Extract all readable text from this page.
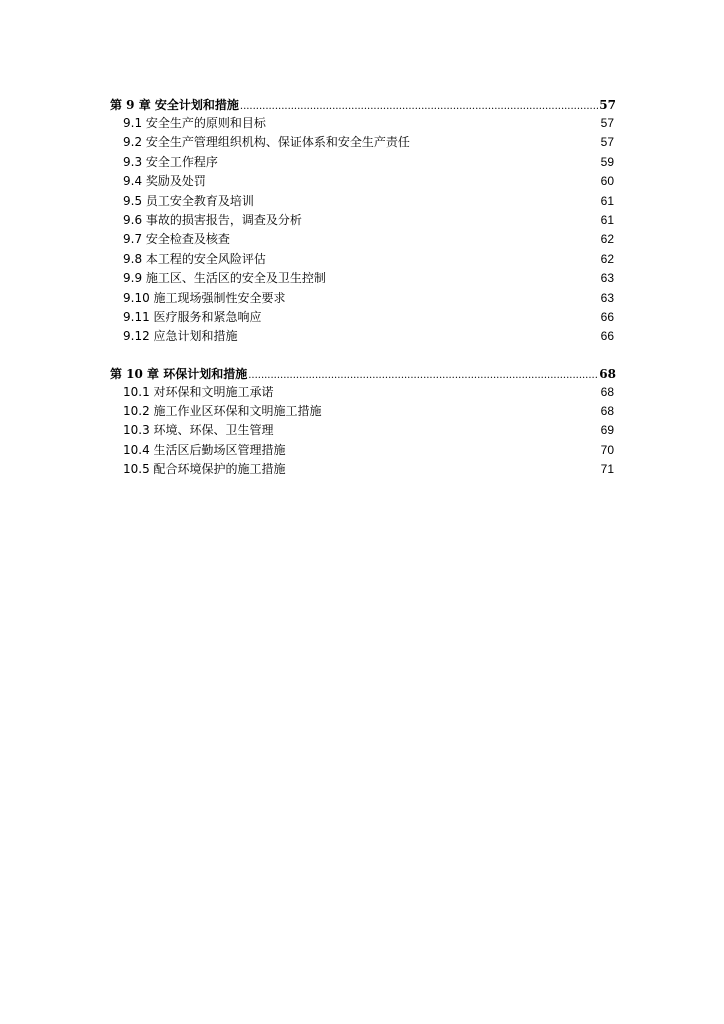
第 9 章 安全计划和措施 .....	57
9.1 安全生产的原则和目标	57
9.2 安全生产管理组织机构、保证体系和安全生产责任	57
9.3 安全工作程序	59
9.4 奖励及处罚	60
9.5 员工安全教育及培训	61
9.6 事故的损害报告，调查及分析	61
9.7 安全检查及核查	62
9.8 本工程的安全风险评估	62
9.9 施工区、生活区的安全及卫生控制	63
9.10 施工现场强制性安全要求	63
9.11 医疗服务和紧急响应	66
9.12 应急计划和措施	66
第 10 章 环保计划和措施 .....	68
10.1 对环保和文明施工承诺	68
10.2 施工作业区环保和文明施工措施	68
10.3 环境、环保、卫生管理	69
10.4 生活区后勤场区管理措施	70
10.5 配合环境保护的施工措施	71
